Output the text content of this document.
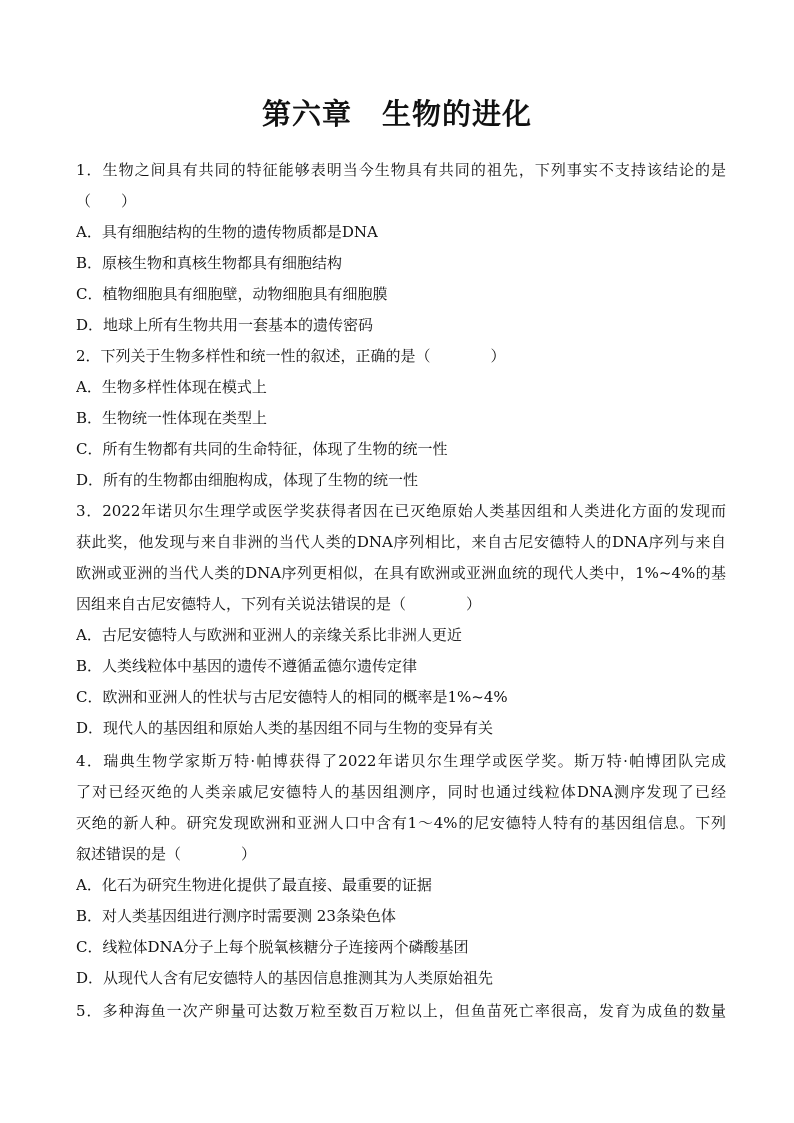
第六章　生物的进化
1．生物之间具有共同的特征能够表明当今生物具有共同的祖先，下列事实不支持该结论的是
（　　）
A．具有细胞结构的生物的遗传物质都是DNA
B．原核生物和真核生物都具有细胞结构
C．植物细胞具有细胞壁，动物细胞具有细胞膜
D．地球上所有生物共用一套基本的遗传密码
2．下列关于生物多样性和统一性的叙述，正确的是（　　　　）
A．生物多样性体现在模式上
B．生物统一性体现在类型上
C．所有生物都有共同的生命特征，体现了生物的统一性
D．所有的生物都由细胞构成，体现了生物的统一性
3．2022年诺贝尔生理学或医学奖获得者因在已灭绝原始人类基因组和人类进化方面的发现而
获此奖，他发现与来自非洲的当代人类的DNA序列相比，来自古尼安德特人的DNA序列与来自
欧洲或亚洲的当代人类的DNA序列更相似，在具有欧洲或亚洲血统的现代人类中，1%~4%的基
因组来自古尼安德特人，下列有关说法错误的是（　　　　）
A．古尼安德特人与欧洲和亚洲人的亲缘关系比非洲人更近
B．人类线粒体中基因的遗传不遵循孟德尔遗传定律
C．欧洲和亚洲人的性状与古尼安德特人的相同的概率是1%~4%
D．现代人的基因组和原始人类的基因组不同与生物的变异有关
4．瑞典生物学家斯万特·帕博获得了2022年诺贝尔生理学或医学奖。斯万特·帕博团队完成
了对已经灭绝的人类亲戚尼安德特人的基因组测序，同时也通过线粒体DNA测序发现了已经
灭绝的新人种。研究发现欧洲和亚洲人口中含有1～4%的尼安德特人特有的基因组信息。下列
叙述错误的是（　　　　）
A．化石为研究生物进化提供了最直接、最重要的证据
B．对人类基因组进行测序时需要测 23条染色体
C．线粒体DNA分子上每个脱氧核糖分子连接两个磷酸基团
D．从现代人含有尼安德特人的基因信息推测其为人类原始祖先
5．多种海鱼一次产卵量可达数万粒至数百万粒以上，但鱼苗死亡率很高，发育为成鱼的数量
